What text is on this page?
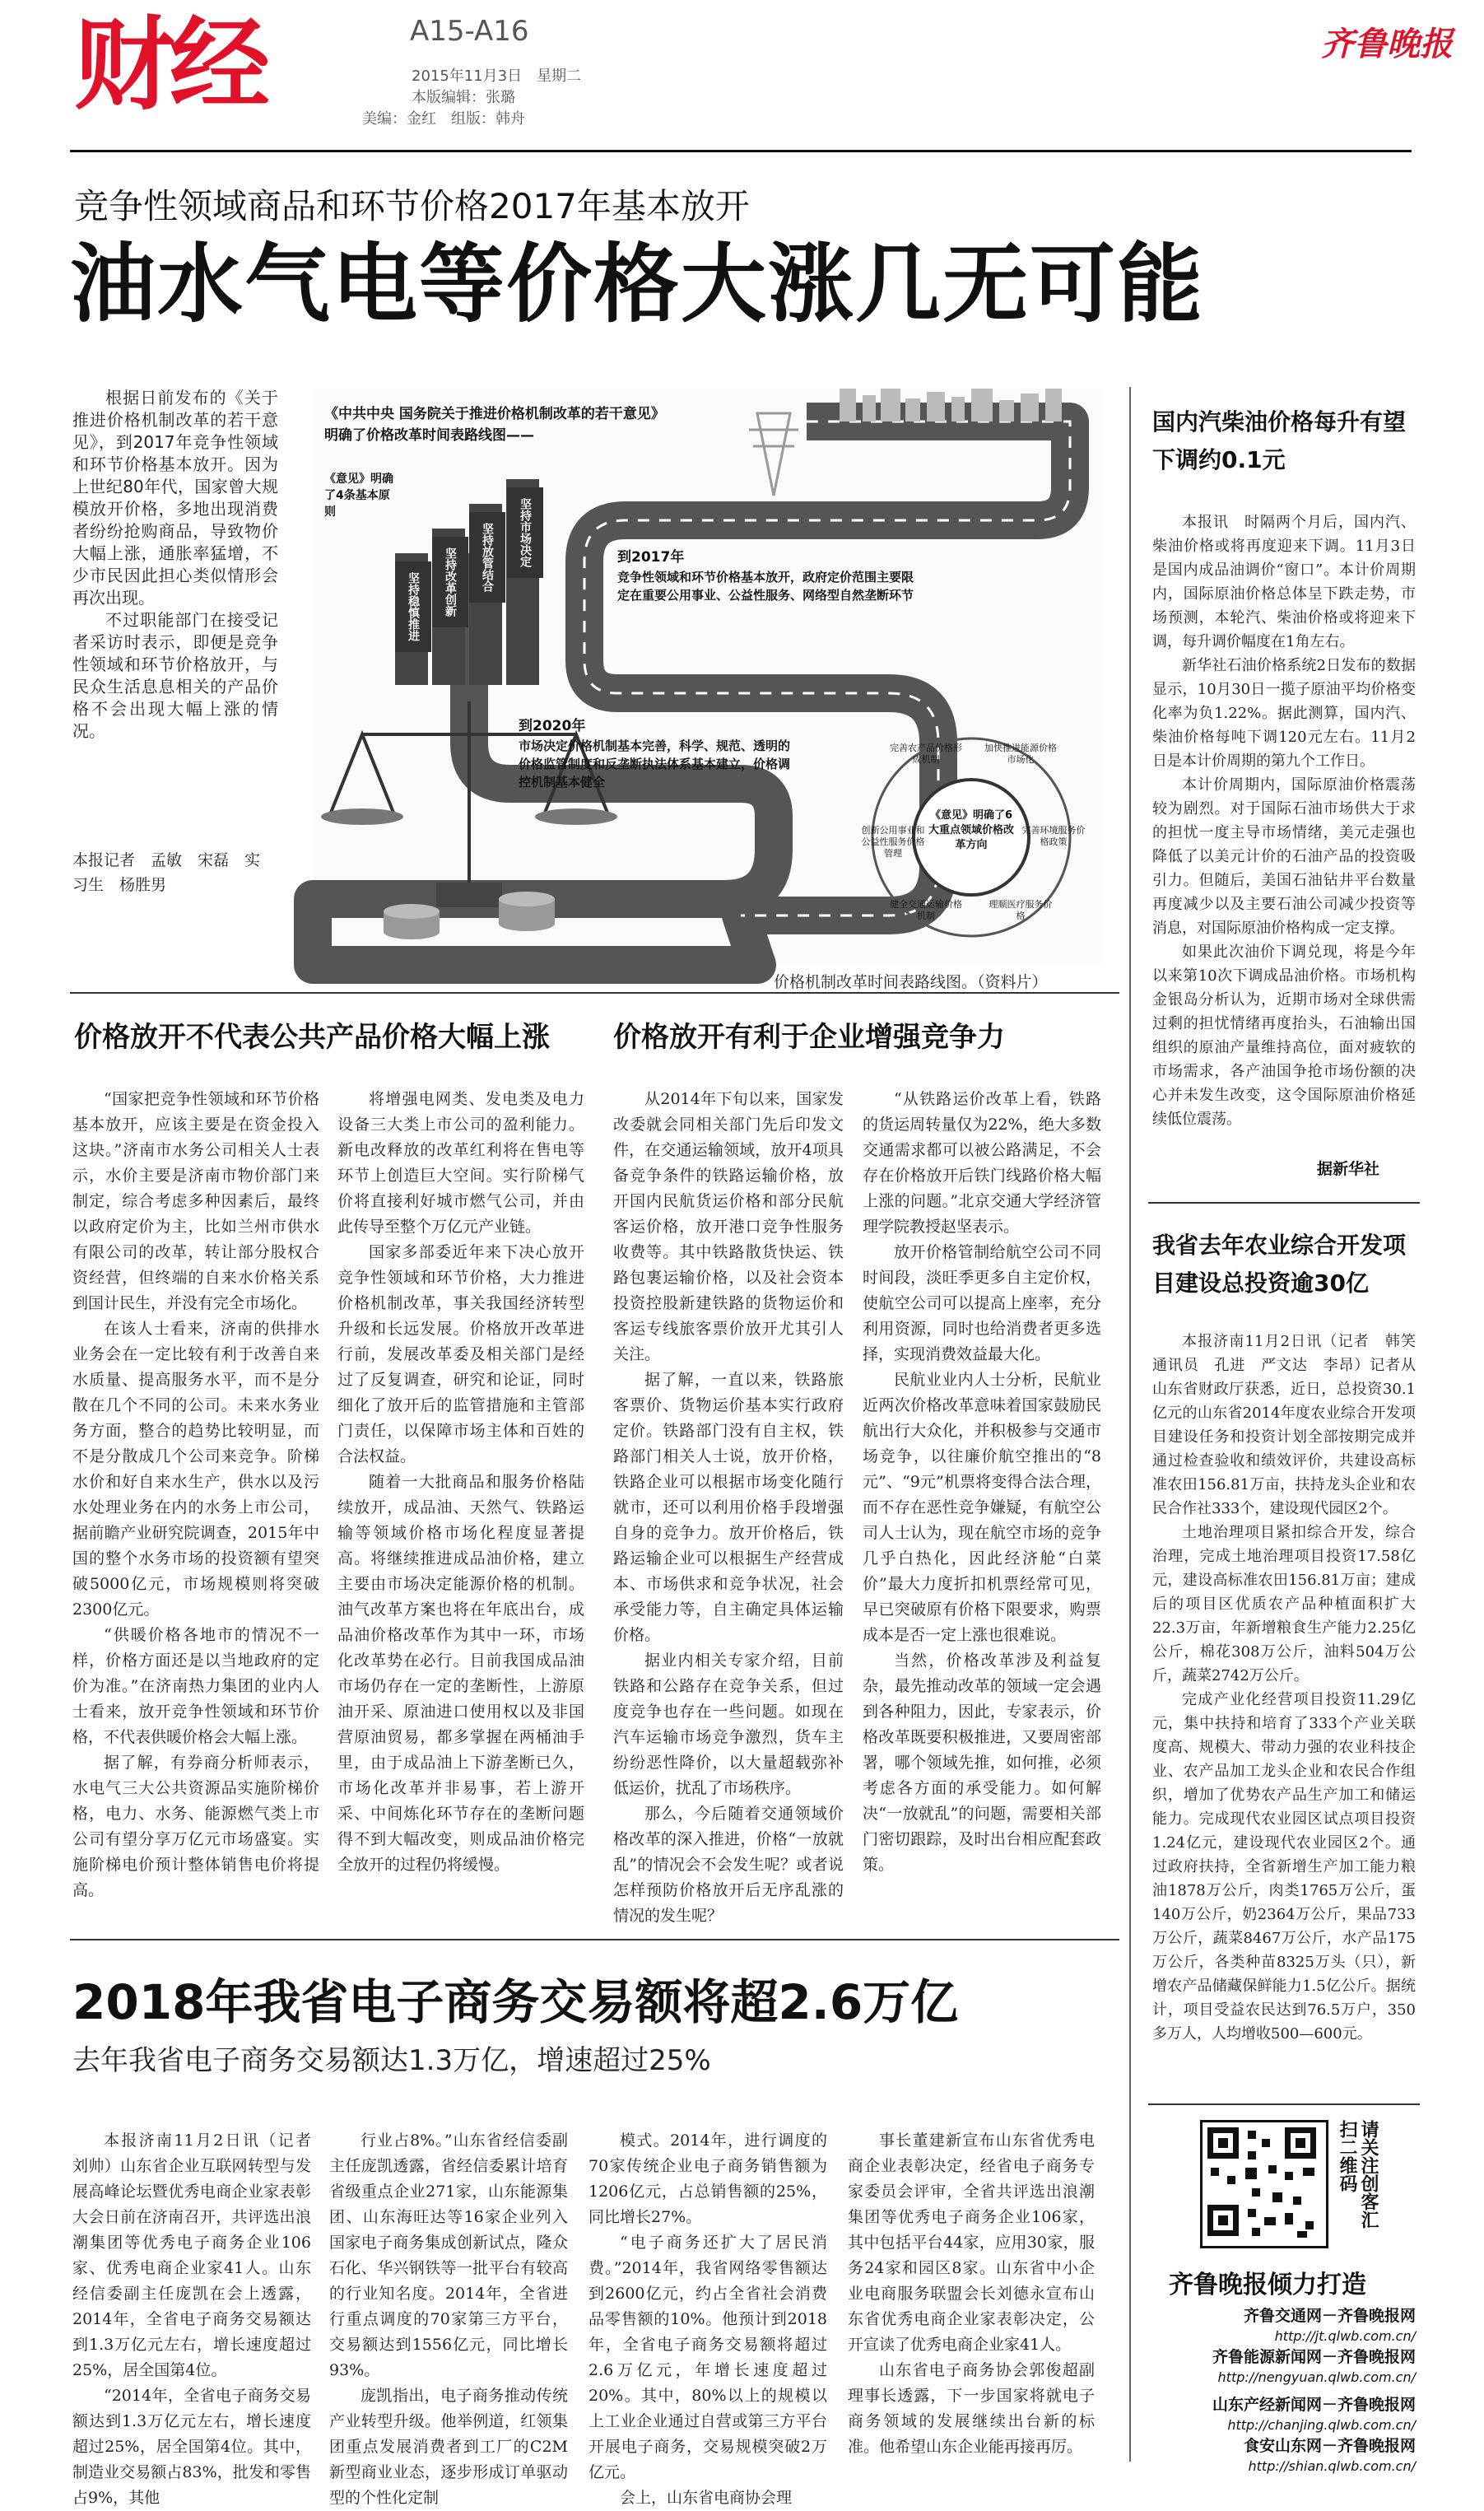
财经	A15-A16
2015年11月3日　星期二
本版编辑：张璐
美编：金红　组版：韩舟
齐鲁晚报
竞争性领域商品和环节价格2017年基本放开
油水气电等价格大涨几无可能

根据日前发布的《关于推进价格机制改革的若干意见》，到2017年竞争性领域和环节价格基本放开。因为上世纪80年代，国家曾大规模放开价格，多地出现消费者纷纷抢购商品，导致物价大幅上涨，通胀率猛增，不少市民因此担心类似情形会再次出现。

不过职能部门在接受记者采访时表示，即便是竞争性领域和环节价格放开，与民众生活息息相关的产品价格不会出现大幅上涨的情况。

本报记者　孟敏　宋磊　实习生　杨胜男
《中共中央 国务院关于推进价格机制改革的若干意见》明确了价格改革时间表路线图——
《意见》明确了4条基本原则	坚持市场决定
坚持放管结合
坚持改革创新
坚持稳慎推进
到2017年
竞争性领域和环节价格基本放开，政府定价范围主要限定在重要公用事业、公益性服务、网络型自然垄断环节
到2020年
市场决定价格机制基本完善，科学、规范、透明的价格监管制度和反垄断执法体系基本建立，价格调控机制基本健全
《意见》明确了6大重点领域价格改革方向
完善农产品价格形成机制
加快推进能源价格市场化
完善环境服务价格政策
理顺医疗服务价格
健全交通运输价格机制
创新公用事业和公益性服务价格管理
价格机制改革时间表路线图。（资料片）
价格放开不代表公共产品价格大幅上涨 价格放开有利于企业增强竞争力

“国家把竞争性领域和环节价格基本放开，应该主要是在资金投入这块。”济南市水务公司相关人士表示，水价主要是济南市物价部门来制定，综合考虑多种因素后，最终以政府定价为主，比如兰州市供水有限公司的改革，转让部分股权合资经营，但终端的自来水价格关系到国计民生，并没有完全市场化。

在该人士看来，济南的供排水业务会在一定比较有利于改善自来水质量、提高服务水平，而不是分散在几个不同的公司。未来水务业务方面，整合的趋势比较明显，而不是分散成几个公司来竞争。阶梯水价和好自来水生产，供水以及污水处理业务在内的水务上市公司，据前瞻产业研究院调查，2015年中国的整个水务市场的投资额有望突破5000亿元，市场规模则将突破2300亿元。

“供暖价格各地市的情况不一样，价格方面还是以当地政府的定价为准。”在济南热力集团的业内人士看来，放开竞争性领域和环节价格，不代表供暖价格会大幅上涨。

据了解，有券商分析师表示，水电气三大公共资源品实施阶梯价格，电力、水务、能源燃气类上市公司有望分享万亿元市场盛宴。实施阶梯电价预计整体销售电价将提高。

将增强电网类、发电类及电力设备三大类上市公司的盈利能力。新电改释放的改革红利将在售电等环节上创造巨大空间。实行阶梯气价将直接利好城市燃气公司，并由此传导至整个万亿元产业链。

国家多部委近年来下决心放开竞争性领域和环节价格，大力推进价格机制改革，事关我国经济转型升级和长远发展。价格放开改革进行前，发展改革委及相关部门是经过了反复调查，研究和论证，同时细化了放开后的监管措施和主管部门责任，以保障市场主体和百姓的合法权益。

随着一大批商品和服务价格陆续放开，成品油、天然气、铁路运输等领域价格市场化程度显著提高。将继续推进成品油价格，建立主要由市场决定能源价格的机制。油气改革方案也将在年底出台，成品油价格改革作为其中一环，市场化改革势在必行。目前我国成品油市场仍存在一定的垄断性，上游原油开采、原油进口使用权以及非国营原油贸易，都多掌握在两桶油手里，由于成品油上下游垄断已久，市场化改革并非易事，若上游开采、中间炼化环节存在的垄断问题得不到大幅改变，则成品油价格完全放开的过程仍将缓慢。

从2014年下旬以来，国家发改委就会同相关部门先后印发文件，在交通运输领域，放开4项具备竞争条件的铁路运输价格，放开国内民航货运价格和部分民航客运价格，放开港口竞争性服务收费等。其中铁路散货快运、铁路包裹运输价格，以及社会资本投资控股新建铁路的货物运价和客运专线旅客票价放开尤其引人关注。

据了解，一直以来，铁路旅客票价、货物运价基本实行政府定价。铁路部门没有自主权，铁路部门相关人士说，放开价格，铁路企业可以根据市场变化随行就市，还可以利用价格手段增强自身的竞争力。放开价格后，铁路运输企业可以根据生产经营成本、市场供求和竞争状况，社会承受能力等，自主确定具体运输价格。

据业内相关专家介绍，目前铁路和公路存在竞争关系，但过度竞争也存在一些问题。如现在汽车运输市场竞争激烈，货车主纷纷恶性降价，以大量超载弥补低运价，扰乱了市场秩序。

那么，今后随着交通领域价格改革的深入推进，价格“一放就乱”的情况会不会发生呢？或者说怎样预防价格放开后无序乱涨的情况的发生呢？

“从铁路运价改革上看，铁路的货运周转量仅为22%，绝大多数交通需求都可以被公路满足，不会存在价格放开后铁门线路价格大幅上涨的问题。”北京交通大学经济管理学院教授赵坚表示。

放开价格管制给航空公司不同时间段，淡旺季更多自主定价权，使航空公司可以提高上座率，充分利用资源，同时也给消费者更多选择，实现消费效益最大化。

民航业业内人士分析，民航业近两次价格改革意味着国家鼓励民航出行大众化，并积极参与交通市场竞争，以往廉价航空推出的“8元”、“9元”机票将变得合法合理，而不存在恶性竞争嫌疑，有航空公司人士认为，现在航空市场的竞争几乎白热化，因此经济舱“白菜价”最大力度折扣机票经常可见，早已突破原有价格下限要求，购票成本是否一定上涨也很难说。

当然，价格改革涉及利益复杂，最先推动改革的领域一定会遇到各种阻力，因此，专家表示，价格改革既要积极推进，又要周密部署，哪个领域先推，如何推，必须考虑各方面的承受能力。如何解决“一放就乱”的问题，需要相关部门密切跟踪，及时出台相应配套政策。

2018年我省电子商务交易额将超2.6万亿
去年我省电子商务交易额达1.3万亿，增速超过25%

本报济南11月2日讯（记者　刘帅）山东省企业互联网转型与发展高峰论坛暨优秀电商企业家表彰大会日前在济南召开，共评选出浪潮集团等优秀电子商务企业106家、优秀电商企业家41人。山东经信委副主任庞凯在会上透露，2014年，全省电子商务交易额达到1.3万亿元左右，增长速度超过25%，居全国第4位。

“2014年，全省电子商务交易额达到1.3万亿元左右，增长速度超过25%，居全国第4位。其中，制造业交易额占83%，批发和零售占9%，其他

行业占8%。”山东省经信委副主任庞凯透露，省经信委累计培育省级重点企业271家，山东能源集团、山东海旺达等16家企业列入国家电子商务集成创新试点，隆众石化、华兴钢铁等一批平台有较高的行业知名度。2014年，全省进行重点调度的70家第三方平台，交易额达到1556亿元，同比增长93%。

庞凯指出，电子商务推动传统产业转型升级。他举例道，红领集团重点发展消费者到工厂的C2M新型商业业态，逐步形成订单驱动型的个性化定制

模式。2014年，进行调度的70家传统企业电子商务销售额为1206亿元，占总销售额的25%，同比增长27%。

“电子商务还扩大了居民消费。”2014年，我省网络零售额达到2600亿元，约占全省社会消费品零售额的10%。他预计到2018年，全省电子商务交易额将超过2.6万亿元，年增长速度超过20%。其中，80%以上的规模以上工业企业通过自营或第三方平台开展电子商务，交易规模突破2万亿元。

会上，山东省电商协会理

事长董建新宣布山东省优秀电商企业表彰决定，经省电子商务专家委员会评审，全省共评选出浪潮集团等优秀电子商务企业106家，其中包括平台44家，应用30家，服务24家和园区8家。山东省中小企业电商服务联盟会长刘德永宣布山东省优秀电商企业家表彰决定，公开宣读了优秀电商企业家41人。

山东省电子商务协会郭俊超副理事长透露，下一步国家将就电子商务领域的发展继续出台新的标准。他希望山东企业能再接再厉。

国内汽柴油价格每升有望下调约0.1元

本报讯　时隔两个月后，国内汽、柴油价格或将再度迎来下调。11月3日是国内成品油调价“窗口”。本计价周期内，国际原油价格总体呈下跌走势，市场预测，本轮汽、柴油价格或将迎来下调，每升调价幅度在1角左右。

新华社石油价格系统2日发布的数据显示，10月30日一揽子原油平均价格变化率为负1.22%。据此测算，国内汽、柴油价格每吨下调120元左右。11月2日是本计价周期的第九个工作日。

本计价周期内，国际原油价格震荡较为剧烈。对于国际石油市场供大于求的担忧一度主导市场情绪，美元走强也降低了以美元计价的石油产品的投资吸引力。但随后，美国石油钻井平台数量再度减少以及主要石油公司减少投资等消息，对国际原油价格构成一定支撑。

如果此次油价下调兑现，将是今年以来第10次下调成品油价格。市场机构金银岛分析认为，近期市场对全球供需过剩的担忧情绪再度抬头，石油输出国组织的原油产量维持高位，面对疲软的市场需求，各产油国争抢市场份额的决心并未发生改变，这令国际原油价格延续低位震荡。

据新华社
我省去年农业综合开发项目建设总投资逾30亿

本报济南11月2日讯（记者　韩笑　通讯员　孔进　严文达　李昂）记者从山东省财政厅获悉，近日，总投资30.1亿元的山东省2014年度农业综合开发项目建设任务和投资计划全部按期完成并通过检查验收和绩效评价，共建设高标准农田156.81万亩，扶持龙头企业和农民合作社333个，建设现代园区2个。

土地治理项目紧扣综合开发，综合治理，完成土地治理项目投资17.58亿元，建设高标准农田156.81万亩；建成后的项目区优质农产品种植面积扩大22.3万亩，年新增粮食生产能力2.25亿公斤，棉花308万公斤，油料504万公斤，蔬菜2742万公斤。

完成产业化经营项目投资11.29亿元，集中扶持和培育了333个产业关联度高、规模大、带动力强的农业科技企业、农产品加工龙头企业和农民合作组织，增加了优势农产品生产加工和储运能力。完成现代农业园区试点项目投资1.24亿元，建设现代农业园区2个。通过政府扶持，全省新增生产加工能力粮油1878万公斤，肉类1765万公斤，蛋140万公斤，奶2364万公斤，果品733万公斤，蔬菜8467万公斤，水产品175万公斤，各类种苗8325万头（只），新增农产品储藏保鲜能力1.5亿公斤。据统计，项目受益农民达到76.5万户，350多万人，人均增收500—600元。

请关注创客汇扫二维码
齐鲁晚报倾力打造
齐鲁交通网－齐鲁晚报网
http://jt.qlwb.com.cn/
齐鲁能源新闻网－齐鲁晚报网
http://nengyuan.qlwb.com.cn/
山东产经新闻网－齐鲁晚报网
http://chanjing.qlwb.com.cn/
食安山东网－齐鲁晚报网
http://shian.qlwb.com.cn/
